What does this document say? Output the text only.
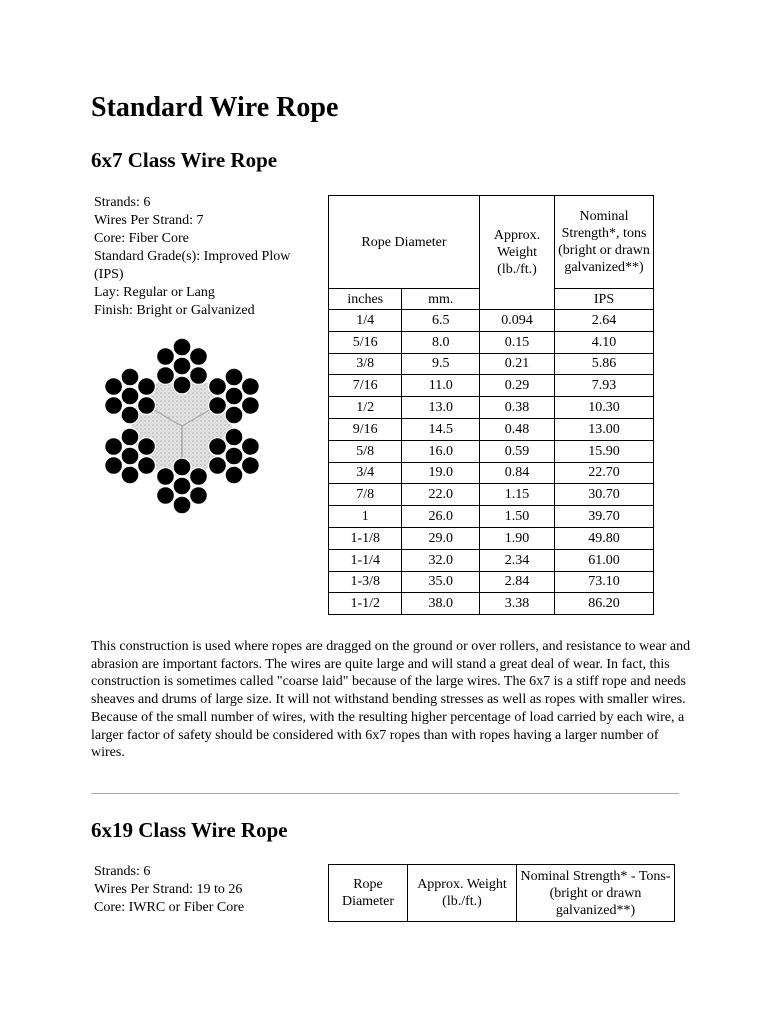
Standard Wire Rope
6x7 Class Wire Rope
Strands: 6
Wires Per Strand: 7
Core: Fiber Core
Standard Grade(s): Improved Plow (IPS)
Lay: Regular or Lang
Finish: Bright or Galvanized
Rope Diameter		Approx. Weight (lb./ft.)	Nominal Strength*, tons (bright or drawn galvanized**)
inches	mm.		IPS
1/4	6.5	0.094	2.64
5/16	8.0	0.15	4.10
3/8	9.5	0.21	5.86
7/16	11.0	0.29	7.93
1/2	13.0	0.38	10.30
9/16	14.5	0.48	13.00
5/8	16.0	0.59	15.90
3/4	19.0	0.84	22.70
7/8	22.0	1.15	30.70
1	26.0	1.50	39.70
1-1/8	29.0	1.90	49.80
1-1/4	32.0	2.34	61.00
1-3/8	35.0	2.84	73.10
1-1/2	38.0	3.38	86.20

This construction is used where ropes are dragged on the ground or over rollers, and resistance to wear and abrasion are important factors. The wires are quite large and will stand a great deal of wear. In fact, this construction is sometimes called "coarse laid" because of the large wires. The 6x7 is a stiff rope and needs sheaves and drums of large size. It will not withstand bending stresses as well as ropes with smaller wires. Because of the small number of wires, with the resulting higher percentage of load carried by each wire, a larger factor of safety should be considered with 6x7 ropes than with ropes having a larger number of wires.

6x19 Class Wire Rope
Strands: 6
Wires Per Strand: 19 to 26
Core: IWRC or Fiber Core
Rope Diameter	Approx. Weight (lb./ft.)	Nominal Strength* - Tons- (bright or drawn galvanized**)
